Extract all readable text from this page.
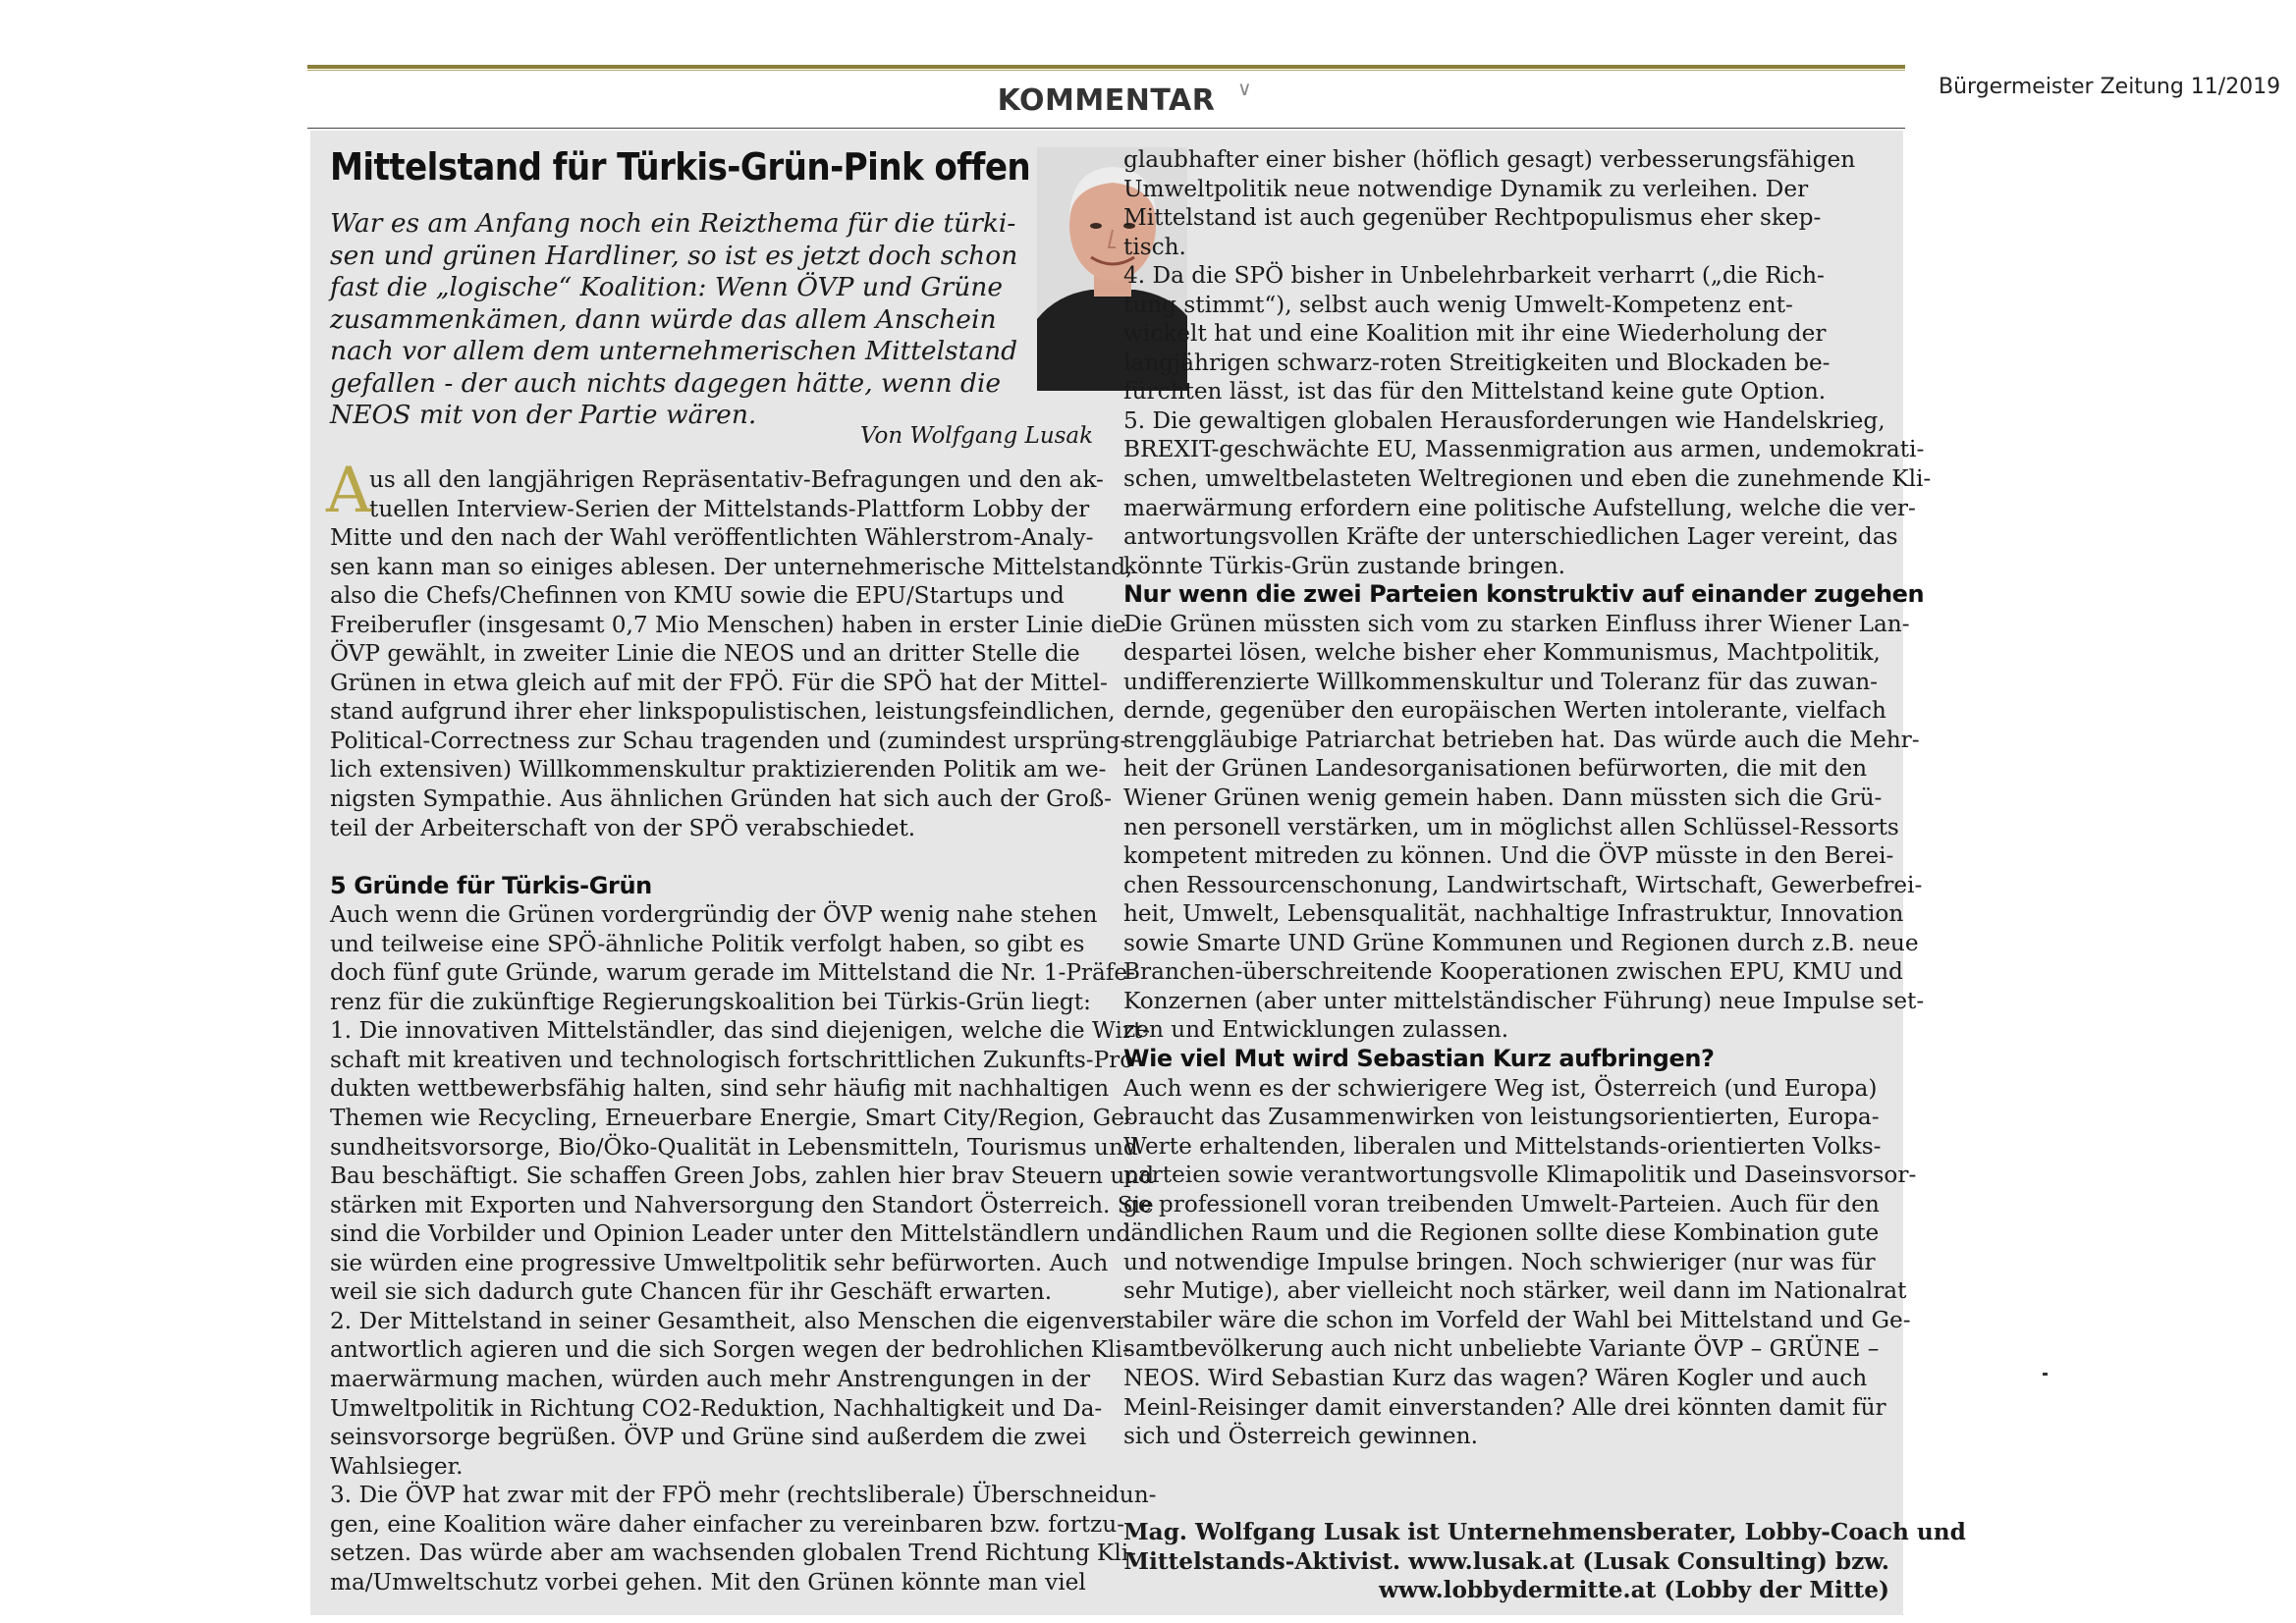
Bürgermeister Zeitung 11/2019
KOMMENTAR
Mittelstand für Türkis-Grün-Pink offen
War es am Anfang noch ein Reizthema für die türki-
sen und grünen Hardliner, so ist es jetzt doch schon
fast die „logische“ Koalition: Wenn ÖVP und Grüne
zusammenkämen, dann würde das allem Anschein
nach vor allem dem unternehmerischen Mittelstand
gefallen - der auch nichts dagegen hätte, wenn die
NEOS mit von der Partie wären.
Von Wolfgang Lusak
A
us all den langjährigen Repräsentativ-Befragungen und den ak-
tuellen Interview-Serien der Mittelstands-Plattform Lobby der
Mitte und den nach der Wahl veröffentlichten Wählerstrom-Analy-
sen kann man so einiges ablesen. Der unternehmerische Mittelstand,
also die Chefs/Chefinnen von KMU sowie die EPU/Startups und
Freiberufler (insgesamt 0,7 Mio Menschen) haben in erster Linie die
ÖVP gewählt, in zweiter Linie die NEOS und an dritter Stelle die
Grünen in etwa gleich auf mit der FPÖ. Für die SPÖ hat der Mittel-
stand aufgrund ihrer eher linkspopulistischen, leistungsfeindlichen,
Political-Correctness zur Schau tragenden und (zumindest ursprüng-
lich extensiven) Willkommenskultur praktizierenden Politik am we-
nigsten Sympathie. Aus ähnlichen Gründen hat sich auch der Groß-
teil der Arbeiterschaft von der SPÖ verabschiedet.

5 Gründe für Türkis-Grün
Auch wenn die Grünen vordergründig der ÖVP wenig nahe stehen
und teilweise eine SPÖ-ähnliche Politik verfolgt haben, so gibt es
doch fünf gute Gründe, warum gerade im Mittelstand die Nr. 1-Präfe-
renz für die zukünftige Regierungskoalition bei Türkis-Grün liegt:
1. Die innovativen Mittelständler, das sind diejenigen, welche die Wirt-
schaft mit kreativen und technologisch fortschrittlichen Zukunfts-Pro-
dukten wettbewerbsfähig halten, sind sehr häufig mit nachhaltigen
Themen wie Recycling, Erneuerbare Energie, Smart City/Region, Ge-
sundheitsvorsorge, Bio/Öko-Qualität in Lebensmitteln, Tourismus und
Bau beschäftigt. Sie schaffen Green Jobs, zahlen hier brav Steuern und
stärken mit Exporten und Nahversorgung den Standort Österreich. Sie
sind die Vorbilder und Opinion Leader unter den Mittelständlern und
sie würden eine progressive Umweltpolitik sehr befürworten. Auch
weil sie sich dadurch gute Chancen für ihr Geschäft erwarten.
2. Der Mittelstand in seiner Gesamtheit, also Menschen die eigenver-
antwortlich agieren und die sich Sorgen wegen der bedrohlichen Kli-
maerwärmung machen, würden auch mehr Anstrengungen in der
Umweltpolitik in Richtung CO2-Reduktion, Nachhaltigkeit und Da-
seinsvorsorge begrüßen. ÖVP und Grüne sind außerdem die zwei
Wahlsieger.
3. Die ÖVP hat zwar mit der FPÖ mehr (rechtsliberale) Überschneidun-
gen, eine Koalition wäre daher einfacher zu vereinbaren bzw. fortzu-
setzen. Das würde aber am wachsenden globalen Trend Richtung Kli-
ma/Umweltschutz vorbei gehen. Mit den Grünen könnte man viel
glaubhafter einer bisher (höflich gesagt) verbesserungsfähigen
Umweltpolitik neue notwendige Dynamik zu verleihen. Der
Mittelstand ist auch gegenüber Rechtpopulismus eher skep-
tisch.
4. Da die SPÖ bisher in Unbelehrbarkeit verharrt („die Rich-
tung stimmt“), selbst auch wenig Umwelt-Kompetenz ent-
wickelt hat und eine Koalition mit ihr eine Wiederholung der
langjährigen schwarz-roten Streitigkeiten und Blockaden be-
fürchten lässt, ist das für den Mittelstand keine gute Option.
5. Die gewaltigen globalen Herausforderungen wie Handelskrieg,
BREXIT-geschwächte EU, Massenmigration aus armen, undemokrati-
schen, umweltbelasteten Weltregionen und eben die zunehmende Kli-
maerwärmung erfordern eine politische Aufstellung, welche die ver-
antwortungsvollen Kräfte der unterschiedlichen Lager vereint, das
könnte Türkis-Grün zustande bringen.
Nur wenn die zwei Parteien konstruktiv auf einander zugehen
Die Grünen müssten sich vom zu starken Einfluss ihrer Wiener Lan-
despartei lösen, welche bisher eher Kommunismus, Machtpolitik,
undifferenzierte Willkommenskultur und Toleranz für das zuwan-
dernde, gegenüber den europäischen Werten intolerante, vielfach
strenggläubige Patriarchat betrieben hat. Das würde auch die Mehr-
heit der Grünen Landesorganisationen befürworten, die mit den
Wiener Grünen wenig gemein haben. Dann müssten sich die Grü-
nen personell verstärken, um in möglichst allen Schlüssel-Ressorts
kompetent mitreden zu können. Und die ÖVP müsste in den Berei-
chen Ressourcenschonung, Landwirtschaft, Wirtschaft, Gewerbefrei-
heit, Umwelt, Lebensqualität, nachhaltige Infrastruktur, Innovation
sowie Smarte UND Grüne Kommunen und Regionen durch z.B. neue
Branchen-überschreitende Kooperationen zwischen EPU, KMU und
Konzernen (aber unter mittelständischer Führung) neue Impulse set-
zen und Entwicklungen zulassen.
Wie viel Mut wird Sebastian Kurz aufbringen?
Auch wenn es der schwierigere Weg ist, Österreich (und Europa)
braucht das Zusammenwirken von leistungsorientierten, Europa-
Werte erhaltenden, liberalen und Mittelstands-orientierten Volks-
parteien sowie verantwortungsvolle Klimapolitik und Daseinsvorsor-
ge professionell voran treibenden Umwelt-Parteien. Auch für den
ländlichen Raum und die Regionen sollte diese Kombination gute
und notwendige Impulse bringen. Noch schwieriger (nur was für
sehr Mutige), aber vielleicht noch stärker, weil dann im Nationalrat
stabiler wäre die schon im Vorfeld der Wahl bei Mittelstand und Ge-
samtbevölkerung auch nicht unbeliebte Variante ÖVP – GRÜNE –
NEOS. Wird Sebastian Kurz das wagen? Wären Kogler und auch
Meinl-Reisinger damit einverstanden? Alle drei könnten damit für
sich und Österreich gewinnen.
Mag. Wolfgang Lusak ist Unternehmensberater, Lobby-Coach und
Mittelstands-Aktivist. www.lusak.at (Lusak Consulting) bzw.
www.lobbydermitte.at (Lobby der Mitte)
∨
